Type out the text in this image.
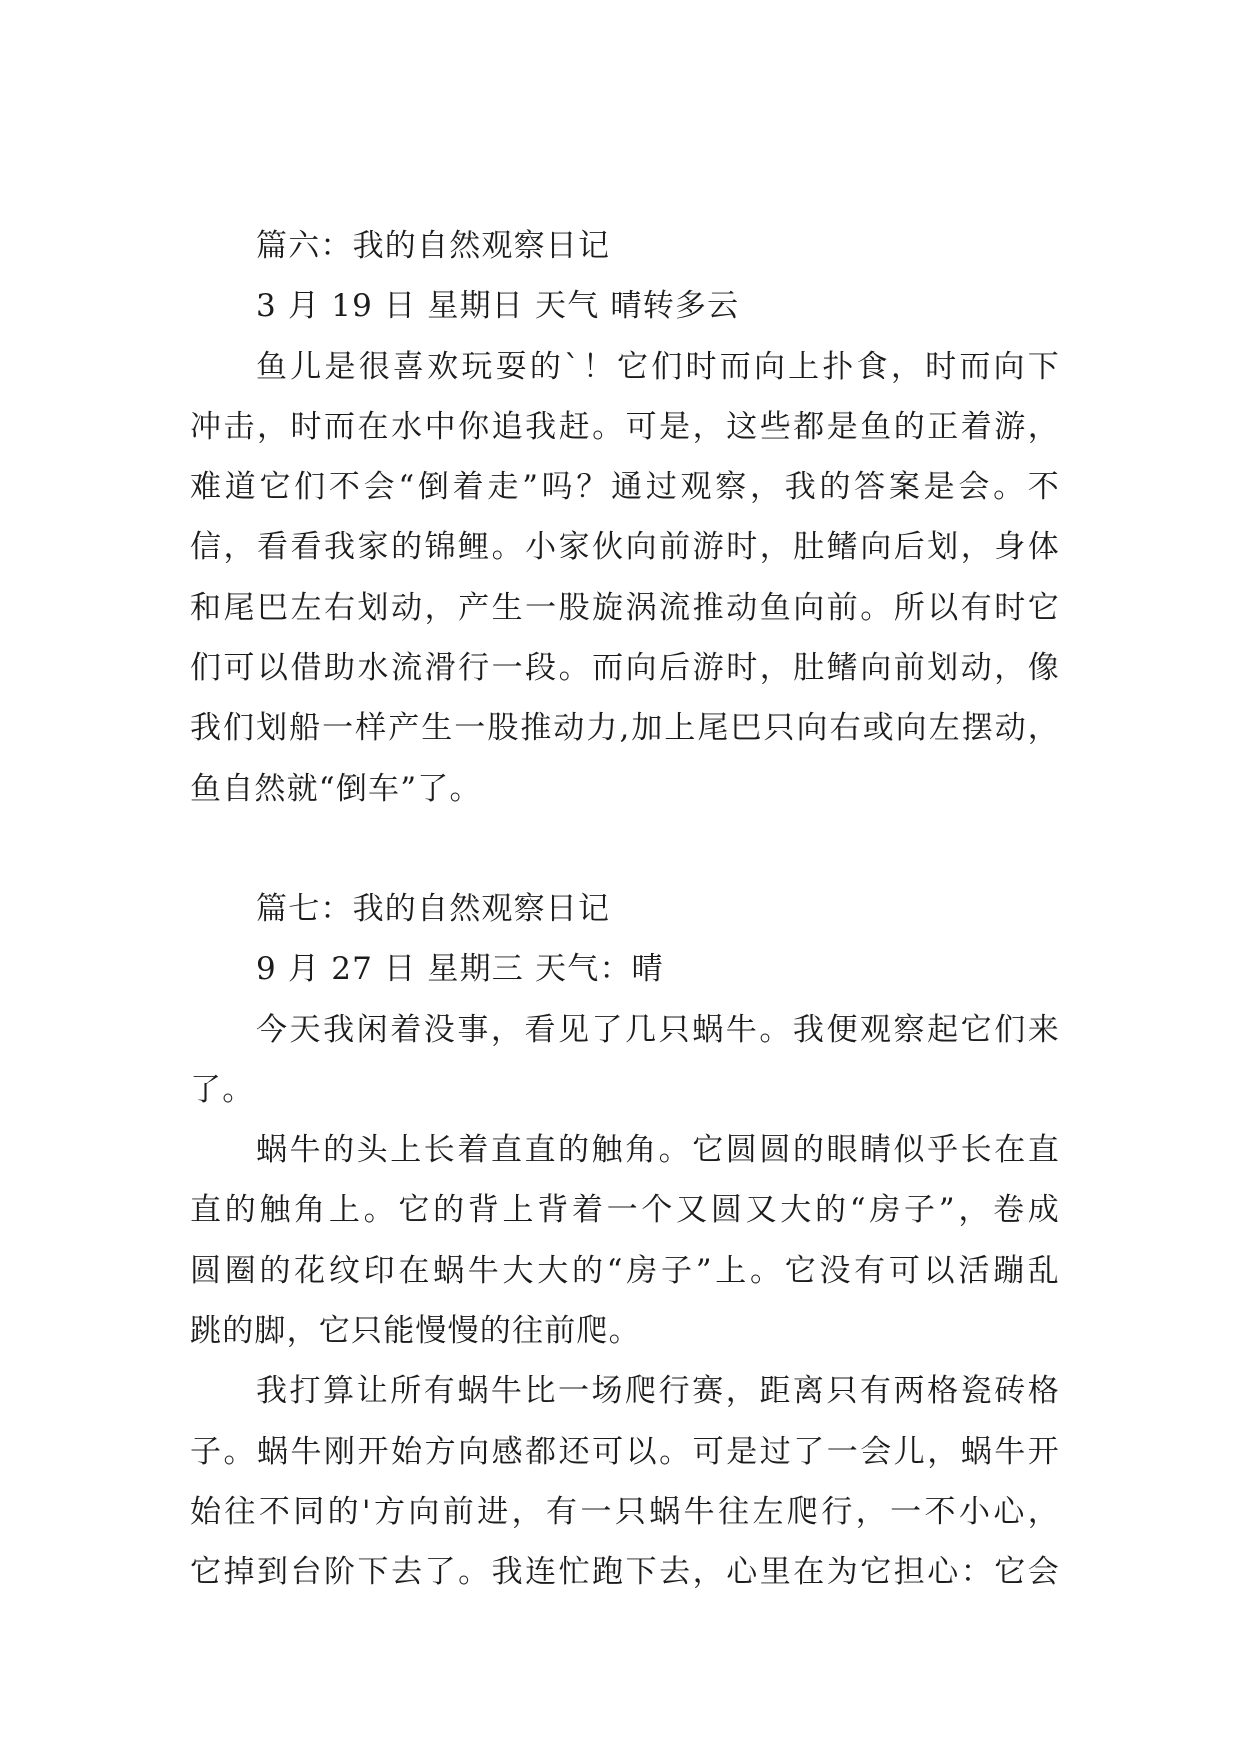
篇六：我的自然观察日记
3 月 19 日 星期日 天气 晴转多云
鱼儿是很喜欢玩耍的`！它们时而向上扑食，时而向下
冲击，时而在水中你追我赶。可是，这些都是鱼的正着游，
难道它们不会“倒着走”吗？通过观察，我的答案是会。不
信，看看我家的锦鲤。小家伙向前游时，肚鳍向后划，身体
和尾巴左右划动，产生一股旋涡流推动鱼向前。所以有时它
们可以借助水流滑行一段。而向后游时，肚鳍向前划动，像
我们划船一样产生一股推动力,加上尾巴只向右或向左摆动，
鱼自然就“倒车”了。
篇七：我的自然观察日记
9 月 27 日 星期三 天气：晴
今天我闲着没事，看见了几只蜗牛。我便观察起它们来
了。
蜗牛的头上长着直直的触角。它圆圆的眼睛似乎长在直
直的触角上。它的背上背着一个又圆又大的“房子”，卷成
圆圈的花纹印在蜗牛大大的“房子”上。它没有可以活蹦乱
跳的脚，它只能慢慢的往前爬。
我打算让所有蜗牛比一场爬行赛，距离只有两格瓷砖格
子。蜗牛刚开始方向感都还可以。可是过了一会儿，蜗牛开
始往不同的'方向前进，有一只蜗牛往左爬行，一不小心，
它掉到台阶下去了。我连忙跑下去，心里在为它担心：它会
